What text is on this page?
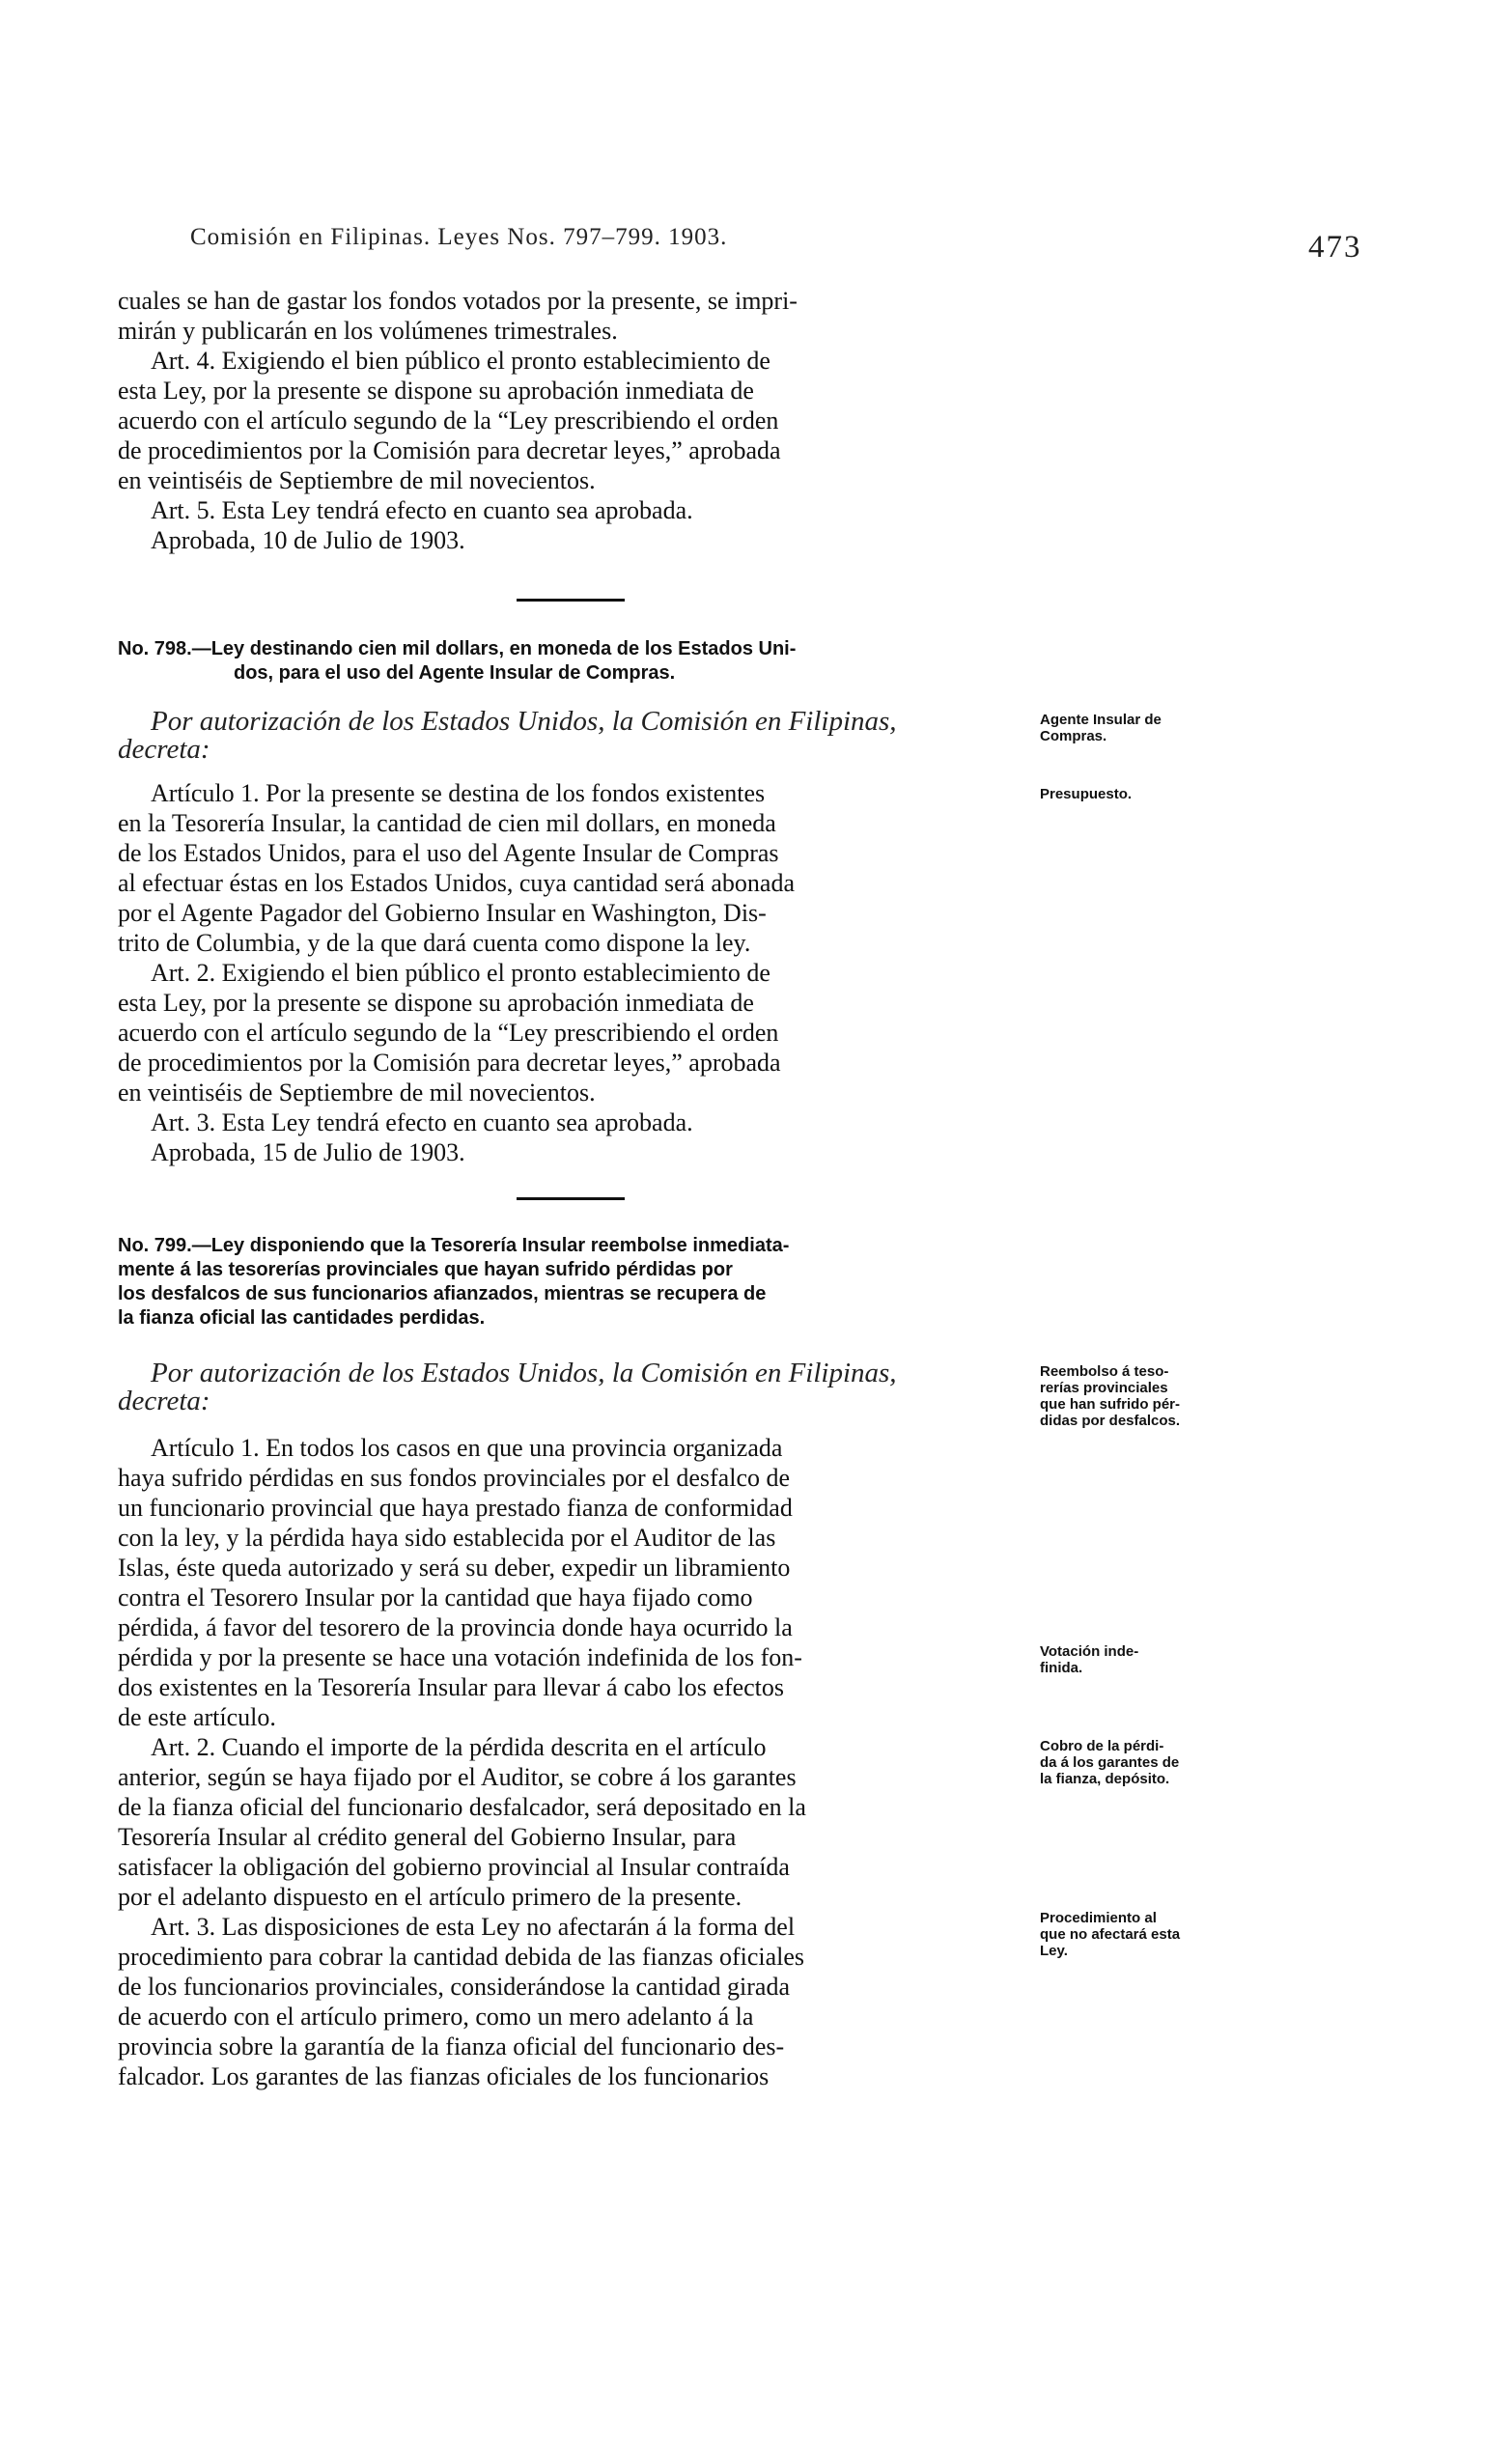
Comisión en Filipinas. Leyes Nos. 797–799. 1903.	473

cuales se han de gastar los fondos votados por la presente, se impri-

mirán y publicarán en los volúmenes trimestrales.

Art. 4. Exigiendo el bien público el pronto establecimiento de

esta Ley, por la presente se dispone su aprobación inmediata de

acuerdo con el artículo segundo de la “Ley prescribiendo el orden

de procedimientos por la Comisión para decretar leyes,” aprobada

en veintiséis de Septiembre de mil novecientos.

Art. 5. Esta Ley tendrá efecto en cuanto sea aprobada.

Aprobada, 10 de Julio de 1903.

No. 798.—Ley destinando cien mil dollars, en moneda de los Estados Uni-

dos, para el uso del Agente Insular de Compras.

Por autorización de los Estados Unidos, la Comisión en Filipinas,

decreta:

Artículo 1. Por la presente se destina de los fondos existentes

en la Tesorería Insular, la cantidad de cien mil dollars, en moneda

de los Estados Unidos, para el uso del Agente Insular de Compras

al efectuar éstas en los Estados Unidos, cuya cantidad será abonada

por el Agente Pagador del Gobierno Insular en Washington, Dis-

trito de Columbia, y de la que dará cuenta como dispone la ley.

Art. 2. Exigiendo el bien público el pronto establecimiento de

esta Ley, por la presente se dispone su aprobación inmediata de

acuerdo con el artículo segundo de la “Ley prescribiendo el orden

de procedimientos por la Comisión para decretar leyes,” aprobada

en veintiséis de Septiembre de mil novecientos.

Art. 3. Esta Ley tendrá efecto en cuanto sea aprobada.

Aprobada, 15 de Julio de 1903.

Agente Insular de

Compras.

Presupuesto.

No. 799.—Ley disponiendo que la Tesorería Insular reembolse inmediata-

mente á las tesorerías provinciales que hayan sufrido pérdidas por

los desfalcos de sus funcionarios afianzados, mientras se recupera de

la fianza oficial las cantidades perdidas.

Por autorización de los Estados Unidos, la Comisión en Filipinas,

decreta:

Artículo 1. En todos los casos en que una provincia organizada

haya sufrido pérdidas en sus fondos provinciales por el desfalco de

un funcionario provincial que haya prestado fianza de conformidad

con la ley, y la pérdida haya sido establecida por el Auditor de las

Islas, éste queda autorizado y será su deber, expedir un libramiento

contra el Tesorero Insular por la cantidad que haya fijado como

pérdida, á favor del tesorero de la provincia donde haya ocurrido la

pérdida y por la presente se hace una votación indefinida de los fon-

dos existentes en la Tesorería Insular para llevar á cabo los efectos

de este artículo.

Art. 2. Cuando el importe de la pérdida descrita en el artículo

anterior, según se haya fijado por el Auditor, se cobre á los garantes

de la fianza oficial del funcionario desfalcador, será depositado en la

Tesorería Insular al crédito general del Gobierno Insular, para

satisfacer la obligación del gobierno provincial al Insular contraída

por el adelanto dispuesto en el artículo primero de la presente.

Art. 3. Las disposiciones de esta Ley no afectarán á la forma del

procedimiento para cobrar la cantidad debida de las fianzas oficiales

de los funcionarios provinciales, considerándose la cantidad girada

de acuerdo con el artículo primero, como un mero adelanto á la

provincia sobre la garantía de la fianza oficial del funcionario des-

falcador. Los garantes de las fianzas oficiales de los funcionarios

Reembolso á teso-

rerías provinciales

que han sufrido pér-

didas por desfalcos.

Votación inde-

finida.

Cobro de la pérdi-

da á los garantes de

la fianza, depósito.

Procedimiento al

que no afectará esta

Ley.
